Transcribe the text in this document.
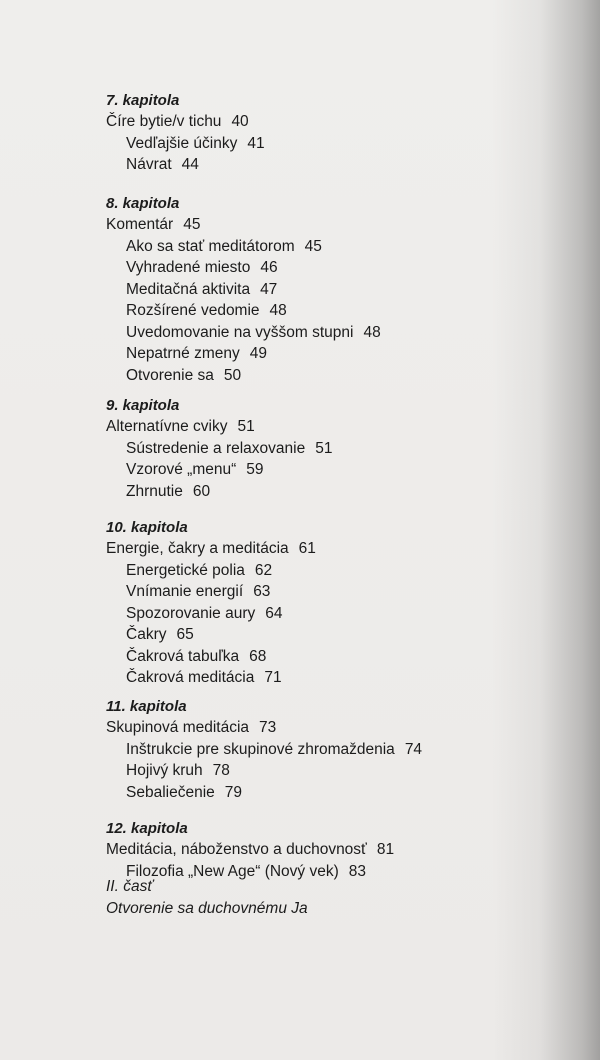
7. kapitola
Číre bytie/v tichu 40
Vedľajšie účinky 41
Návrat 44
8. kapitola
Komentár 45
Ako sa stať meditátorom 45
Vyhradené miesto 46
Meditačná aktivita 47
Rozšírené vedomie 48
Uvedomovanie na vyššom stupni 48
Nepatrné zmeny 49
Otvorenie sa 50
9. kapitola
Alternatívne cviky 51
Sústredenie a relaxovanie 51
Vzorové „menu“ 59
Zhrnutie 60
10. kapitola
Energie, čakry a meditácia 61
Energetické polia 62
Vnímanie energií 63
Spozorovanie aury 64
Čakry 65
Čakrová tabuľka 68
Čakrová meditácia 71
11. kapitola
Skupinová meditácia 73
Inštrukcie pre skupinové zhromaždenia 74
Hojivý kruh 78
Sebaliečenie 79
12. kapitola
Meditácia, náboženstvo a duchovnosť 81
Filozofia „New Age“ (Nový vek) 83
II. časť
Otvorenie sa duchovnému Ja
